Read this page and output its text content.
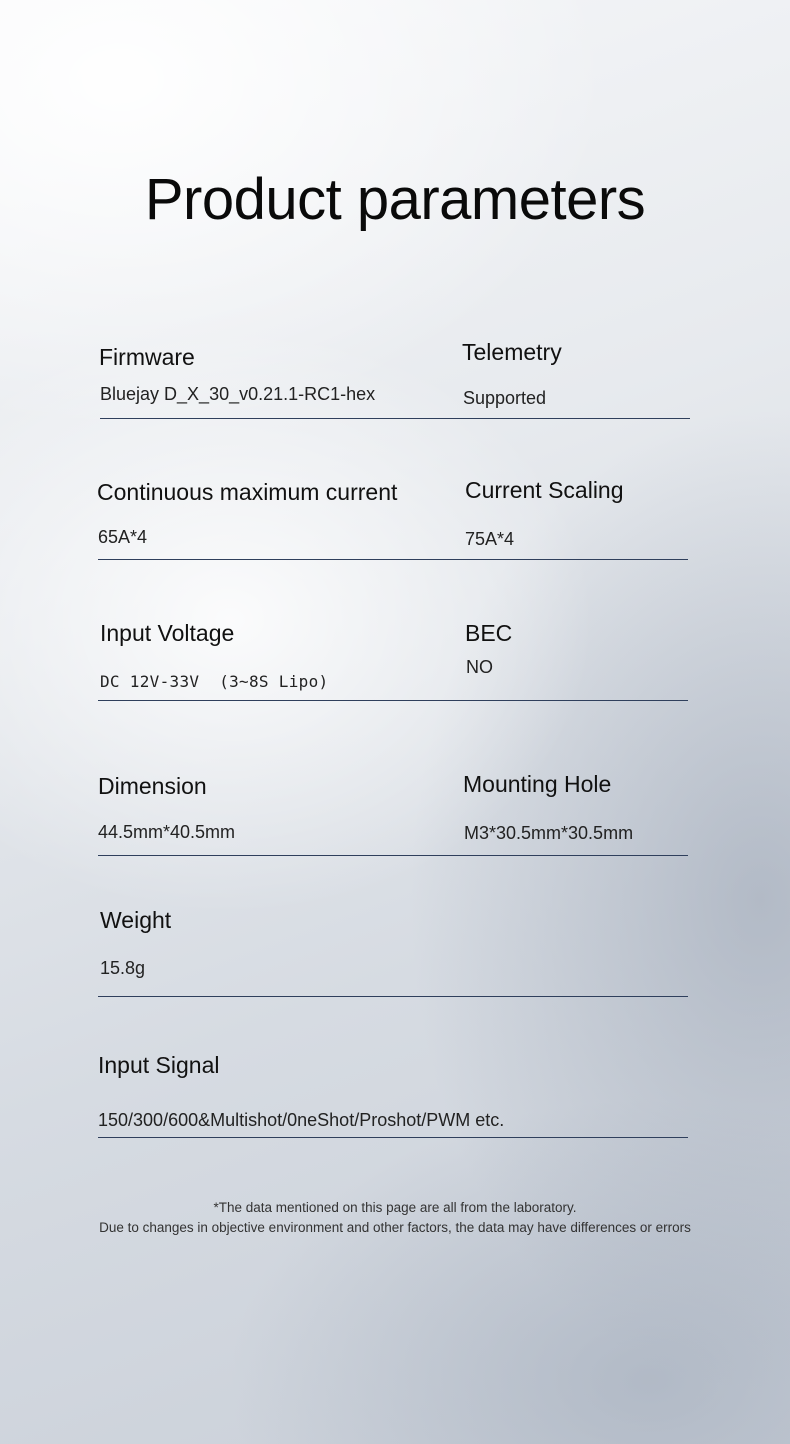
Product parameters
Firmware
Bluejay D_X_30_v0.21.1-RC1-hex
Telemetry
Supported
Continuous maximum current
65A*4
Current Scaling
75A*4
Input Voltage
DC 12V-33V  (3~8S Lipo)
BEC
NO
Dimension
44.5mm*40.5mm
Mounting Hole
M3*30.5mm*30.5mm
Weight
15.8g
Input Signal
150/300/600&Multishot/0neShot/Proshot/PWM etc.
*The data mentioned on this page are all from the laboratory.
Due to changes in objective environment and other factors, the data may have differences or errors
